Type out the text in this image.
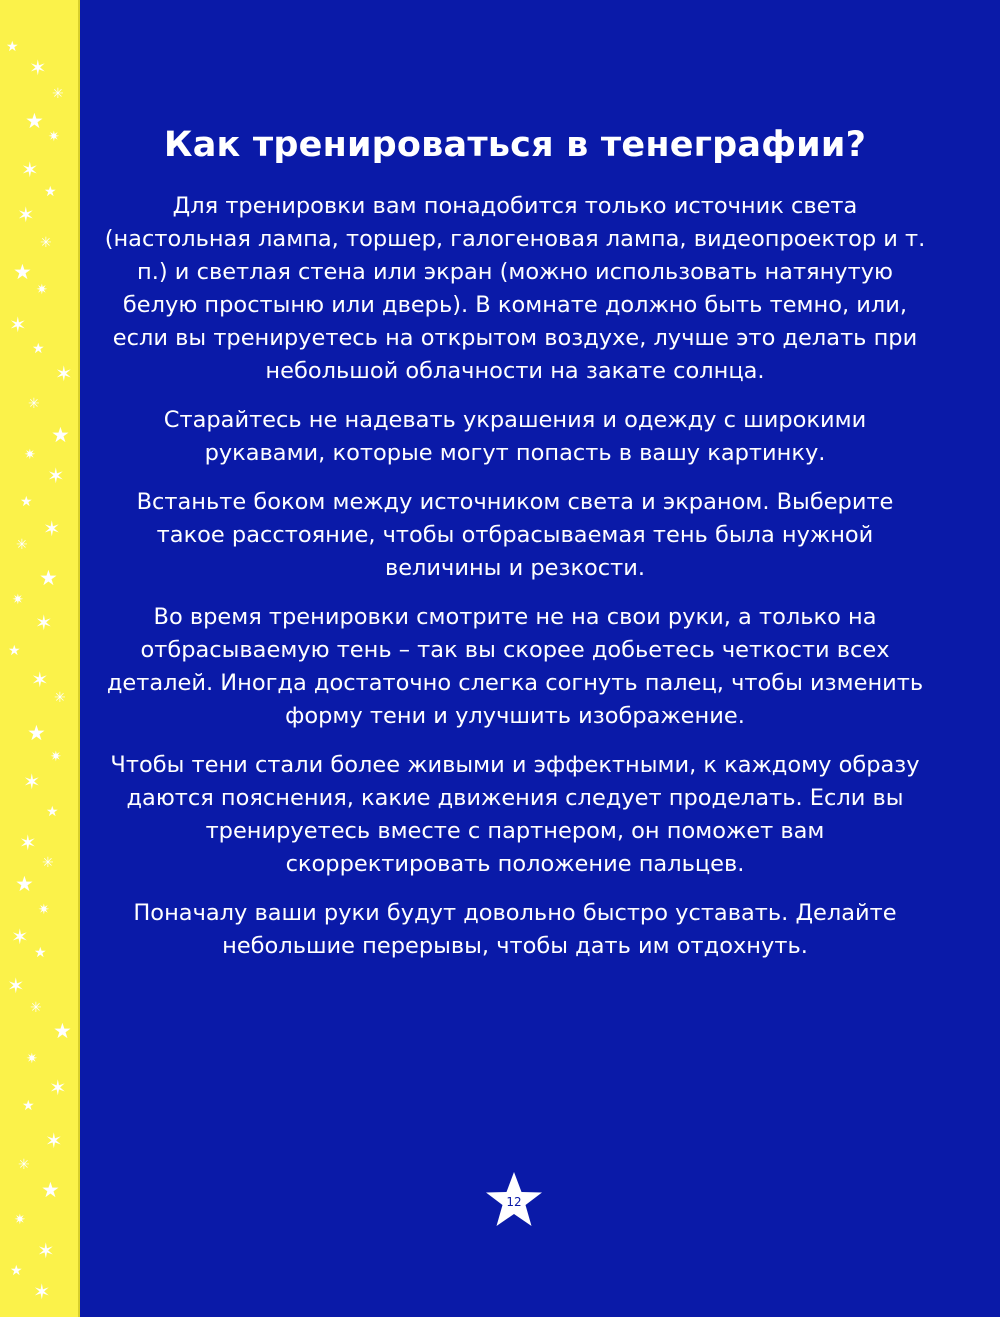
★
✶
✳
★
✷
✶
★
✶
✳
★
✷
✶
★
✶
✳
★
✷
✶
★
✶
✳
★
✷
✶
★
✶
✳
★
✷
✶
★
✶
✳
★
✷
✶
★
✶
✳
★
✷
✶
★
✶
✳
★
✷
✶
★
✶
Как тренироваться в тенеграфии?

Для тренировки вам понадобится только источник света (настольная лампа, торшер, галогеновая лампа, видеопроектор и т. п.) и светлая стена или экран (можно использовать натянутую белую простыню или дверь). В комнате должно быть темно, или, если вы тренируетесь на открытом воздухе, лучше это делать при небольшой облачности на закате солнца.

Старайтесь не надевать украшения и одежду с широкими рукавами, которые могут попасть в вашу картинку.

Встаньте боком между источником света и экраном. Выберите такое расстояние, чтобы отбрасываемая тень была нужной величины и резкости.

Во время тренировки смотрите не на свои руки, а только на отбрасываемую тень – так вы скорее добьетесь четкости всех деталей. Иногда достаточно слегка согнуть палец, чтобы изменить форму тени и улучшить изображение.

Чтобы тени стали более живыми и эффектными, к каждому образу даются пояснения, какие движения следует проделать. Если вы тренируетесь вместе с партнером, он поможет вам скорректировать положение пальцев.

Поначалу ваши руки будут довольно быстро уставать. Делайте небольшие перерывы, чтобы дать им отдохнуть.

12
